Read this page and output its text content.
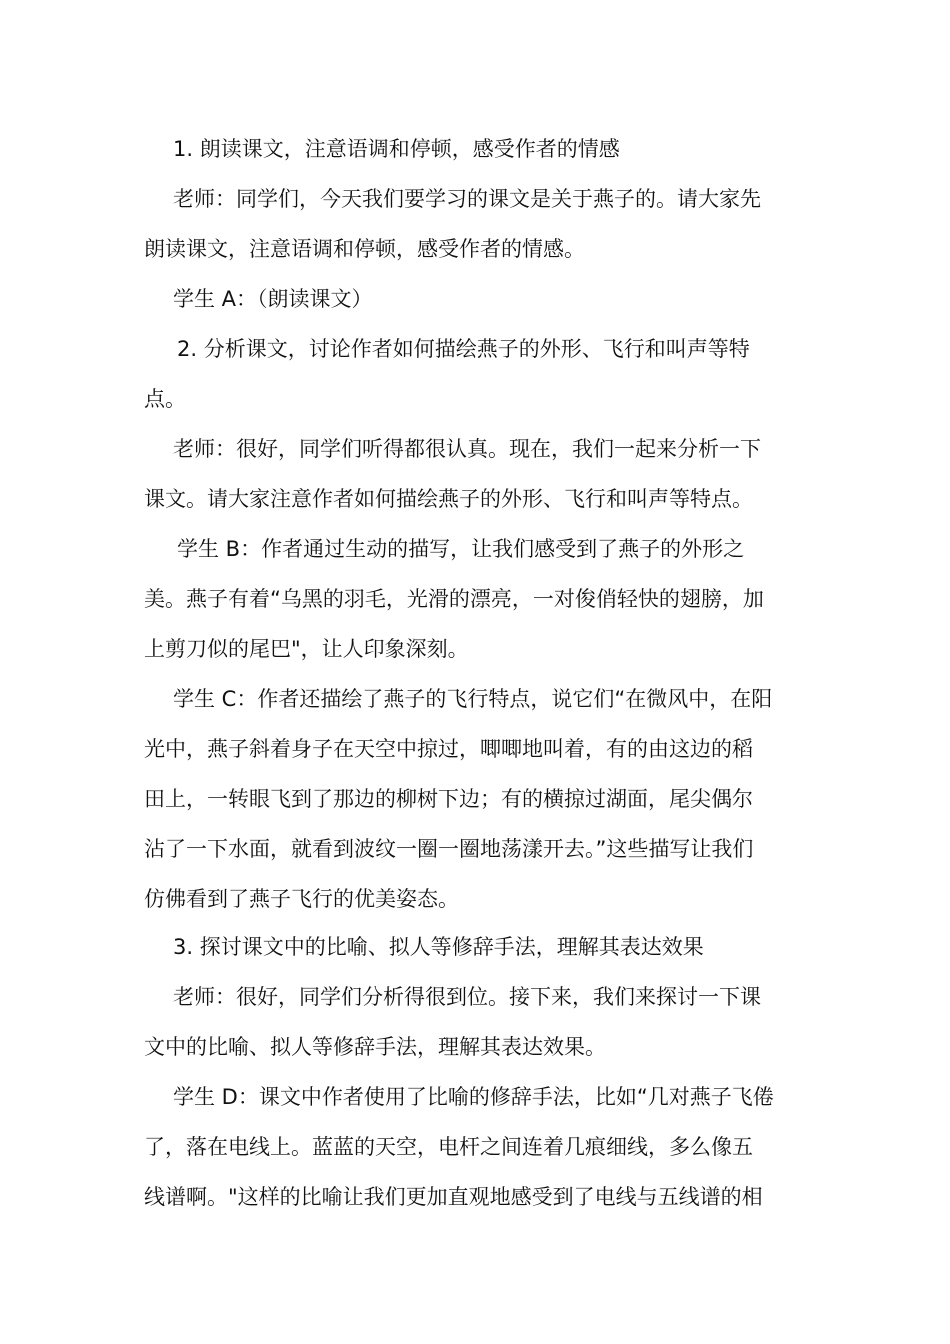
1. 朗读课文，注意语调和停顿，感受作者的情感

老师：同学们，今天我们要学习的课文是关于燕子的。请大家先
朗读课文，注意语调和停顿，感受作者的情感。

学生 A：（朗读课文）

2. 分析课文，讨论作者如何描绘燕子的外形、飞行和叫声等特
点。

老师：很好，同学们听得都很认真。现在，我们一起来分析一下
课文。请大家注意作者如何描绘燕子的外形、飞行和叫声等特点。

学生 B：作者通过生动的描写，让我们感受到了燕子的外形之
美。燕子有着“乌黑的羽毛，光滑的漂亮，一对俊俏轻快的翅膀，加
上剪刀似的尾巴"，让人印象深刻。

学生 C：作者还描绘了燕子的飞行特点，说它们“在微风中，在阳
光中，燕子斜着身子在天空中掠过，唧唧地叫着，有的由这边的稻
田上，一转眼飞到了那边的柳树下边；有的横掠过湖面，尾尖偶尔
沾了一下水面，就看到波纹一圈一圈地荡漾开去。”这些描写让我们
仿佛看到了燕子飞行的优美姿态。

3. 探讨课文中的比喻、拟人等修辞手法，理解其表达效果

老师：很好，同学们分析得很到位。接下来，我们来探讨一下课
文中的比喻、拟人等修辞手法，理解其表达效果。

学生 D：课文中作者使用了比喻的修辞手法，比如“几对燕子飞倦
了，落在电线上。蓝蓝的天空，电杆之间连着几痕细线，多么像五
线谱啊。"这样的比喻让我们更加直观地感受到了电线与五线谱的相
